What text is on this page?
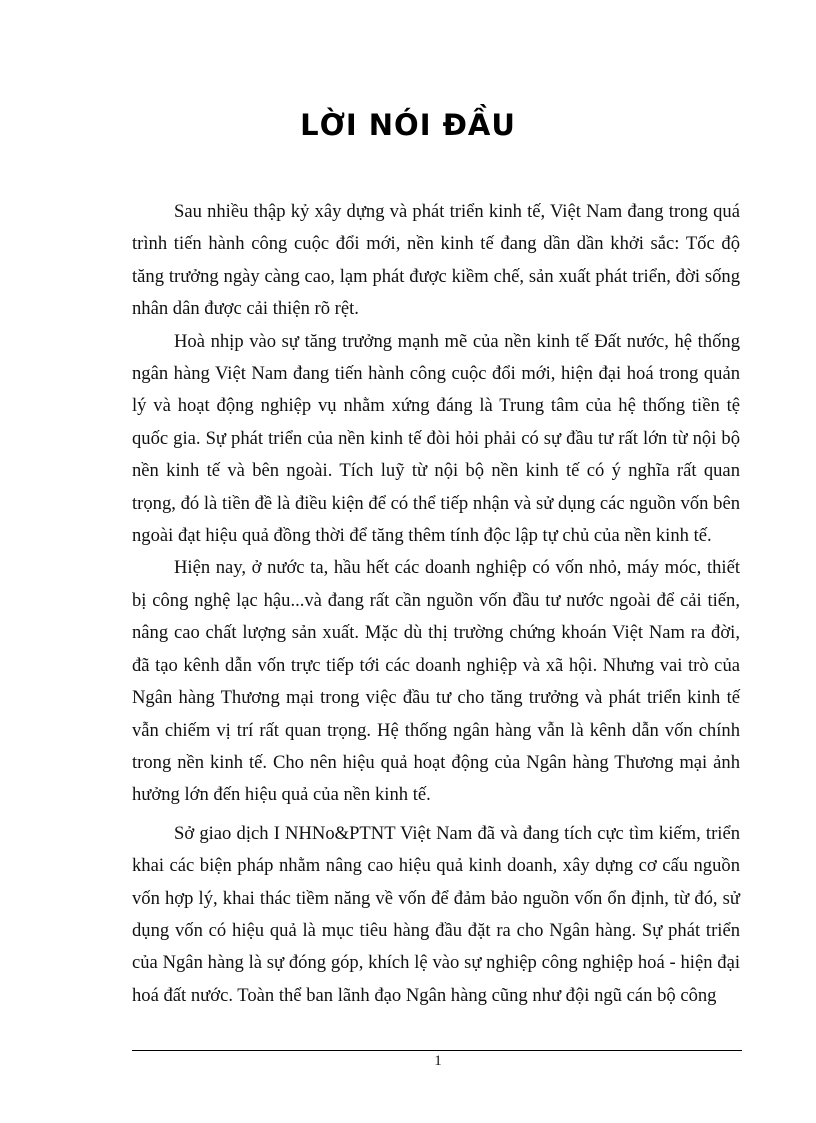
LỜI NÓI ĐẦU

Sau nhiều thập kỷ xây dựng và phát triển kinh tế, Việt Nam đang trong quá trình tiến hành công cuộc đổi mới, nền kinh tế đang dần dần khởi sắc: Tốc độ tăng trưởng ngày càng cao, lạm phát được kiềm chế, sản xuất phát triển, đời sống nhân dân được cải thiện rõ rệt.

Hoà nhịp vào sự tăng trưởng mạnh mẽ của nền kinh tế Đất nước, hệ thống ngân hàng Việt Nam đang tiến hành công cuộc đổi mới, hiện đại hoá trong quản lý và hoạt động nghiệp vụ nhằm xứng đáng là Trung tâm của hệ thống tiền tệ quốc gia. Sự phát triển của nền kinh tế đòi hỏi phải có sự đầu tư rất lớn từ nội bộ nền kinh tế và bên ngoài. Tích luỹ từ nội bộ nền kinh tế có ý nghĩa rất quan trọng, đó là tiền đề là điều kiện để có thể tiếp nhận và sử dụng các nguồn vốn bên ngoài đạt hiệu quả đồng thời để tăng thêm tính độc lập tự chủ của nền kinh tế.

Hiện nay, ở nước ta, hầu hết các doanh nghiệp có vốn nhỏ, máy móc, thiết bị công nghệ lạc hậu...và đang rất cần nguồn vốn đầu tư nước ngoài để cải tiến, nâng cao chất lượng sản xuất. Mặc dù thị trường chứng khoán Việt Nam ra đời, đã tạo kênh dẫn vốn trực tiếp tới các doanh nghiệp và xã hội. Nhưng vai trò của Ngân hàng Thương mại trong việc đầu tư cho tăng trưởng và phát triển kinh tế vẫn chiếm vị trí rất quan trọng. Hệ thống ngân hàng vẫn là kênh dẫn vốn chính trong nền kinh tế. Cho nên hiệu quả hoạt động của Ngân hàng Thương mại ảnh hưởng lớn đến hiệu quả của nền kinh tế.

Sở giao dịch I NHNo&PTNT Việt Nam đã và đang tích cực tìm kiếm, triển khai các biện pháp nhằm nâng cao hiệu quả kinh doanh, xây dựng cơ cấu nguồn vốn hợp lý, khai thác tiềm năng về vốn để đảm bảo nguồn vốn ổn định, từ đó, sử dụng vốn có hiệu quả là mục tiêu hàng đầu đặt ra cho Ngân hàng. Sự phát triển của Ngân hàng là sự đóng góp, khích lệ vào sự nghiệp công nghiệp hoá - hiện đại hoá đất nước. Toàn thể ban lãnh đạo Ngân hàng cũng như đội ngũ cán bộ công

1
